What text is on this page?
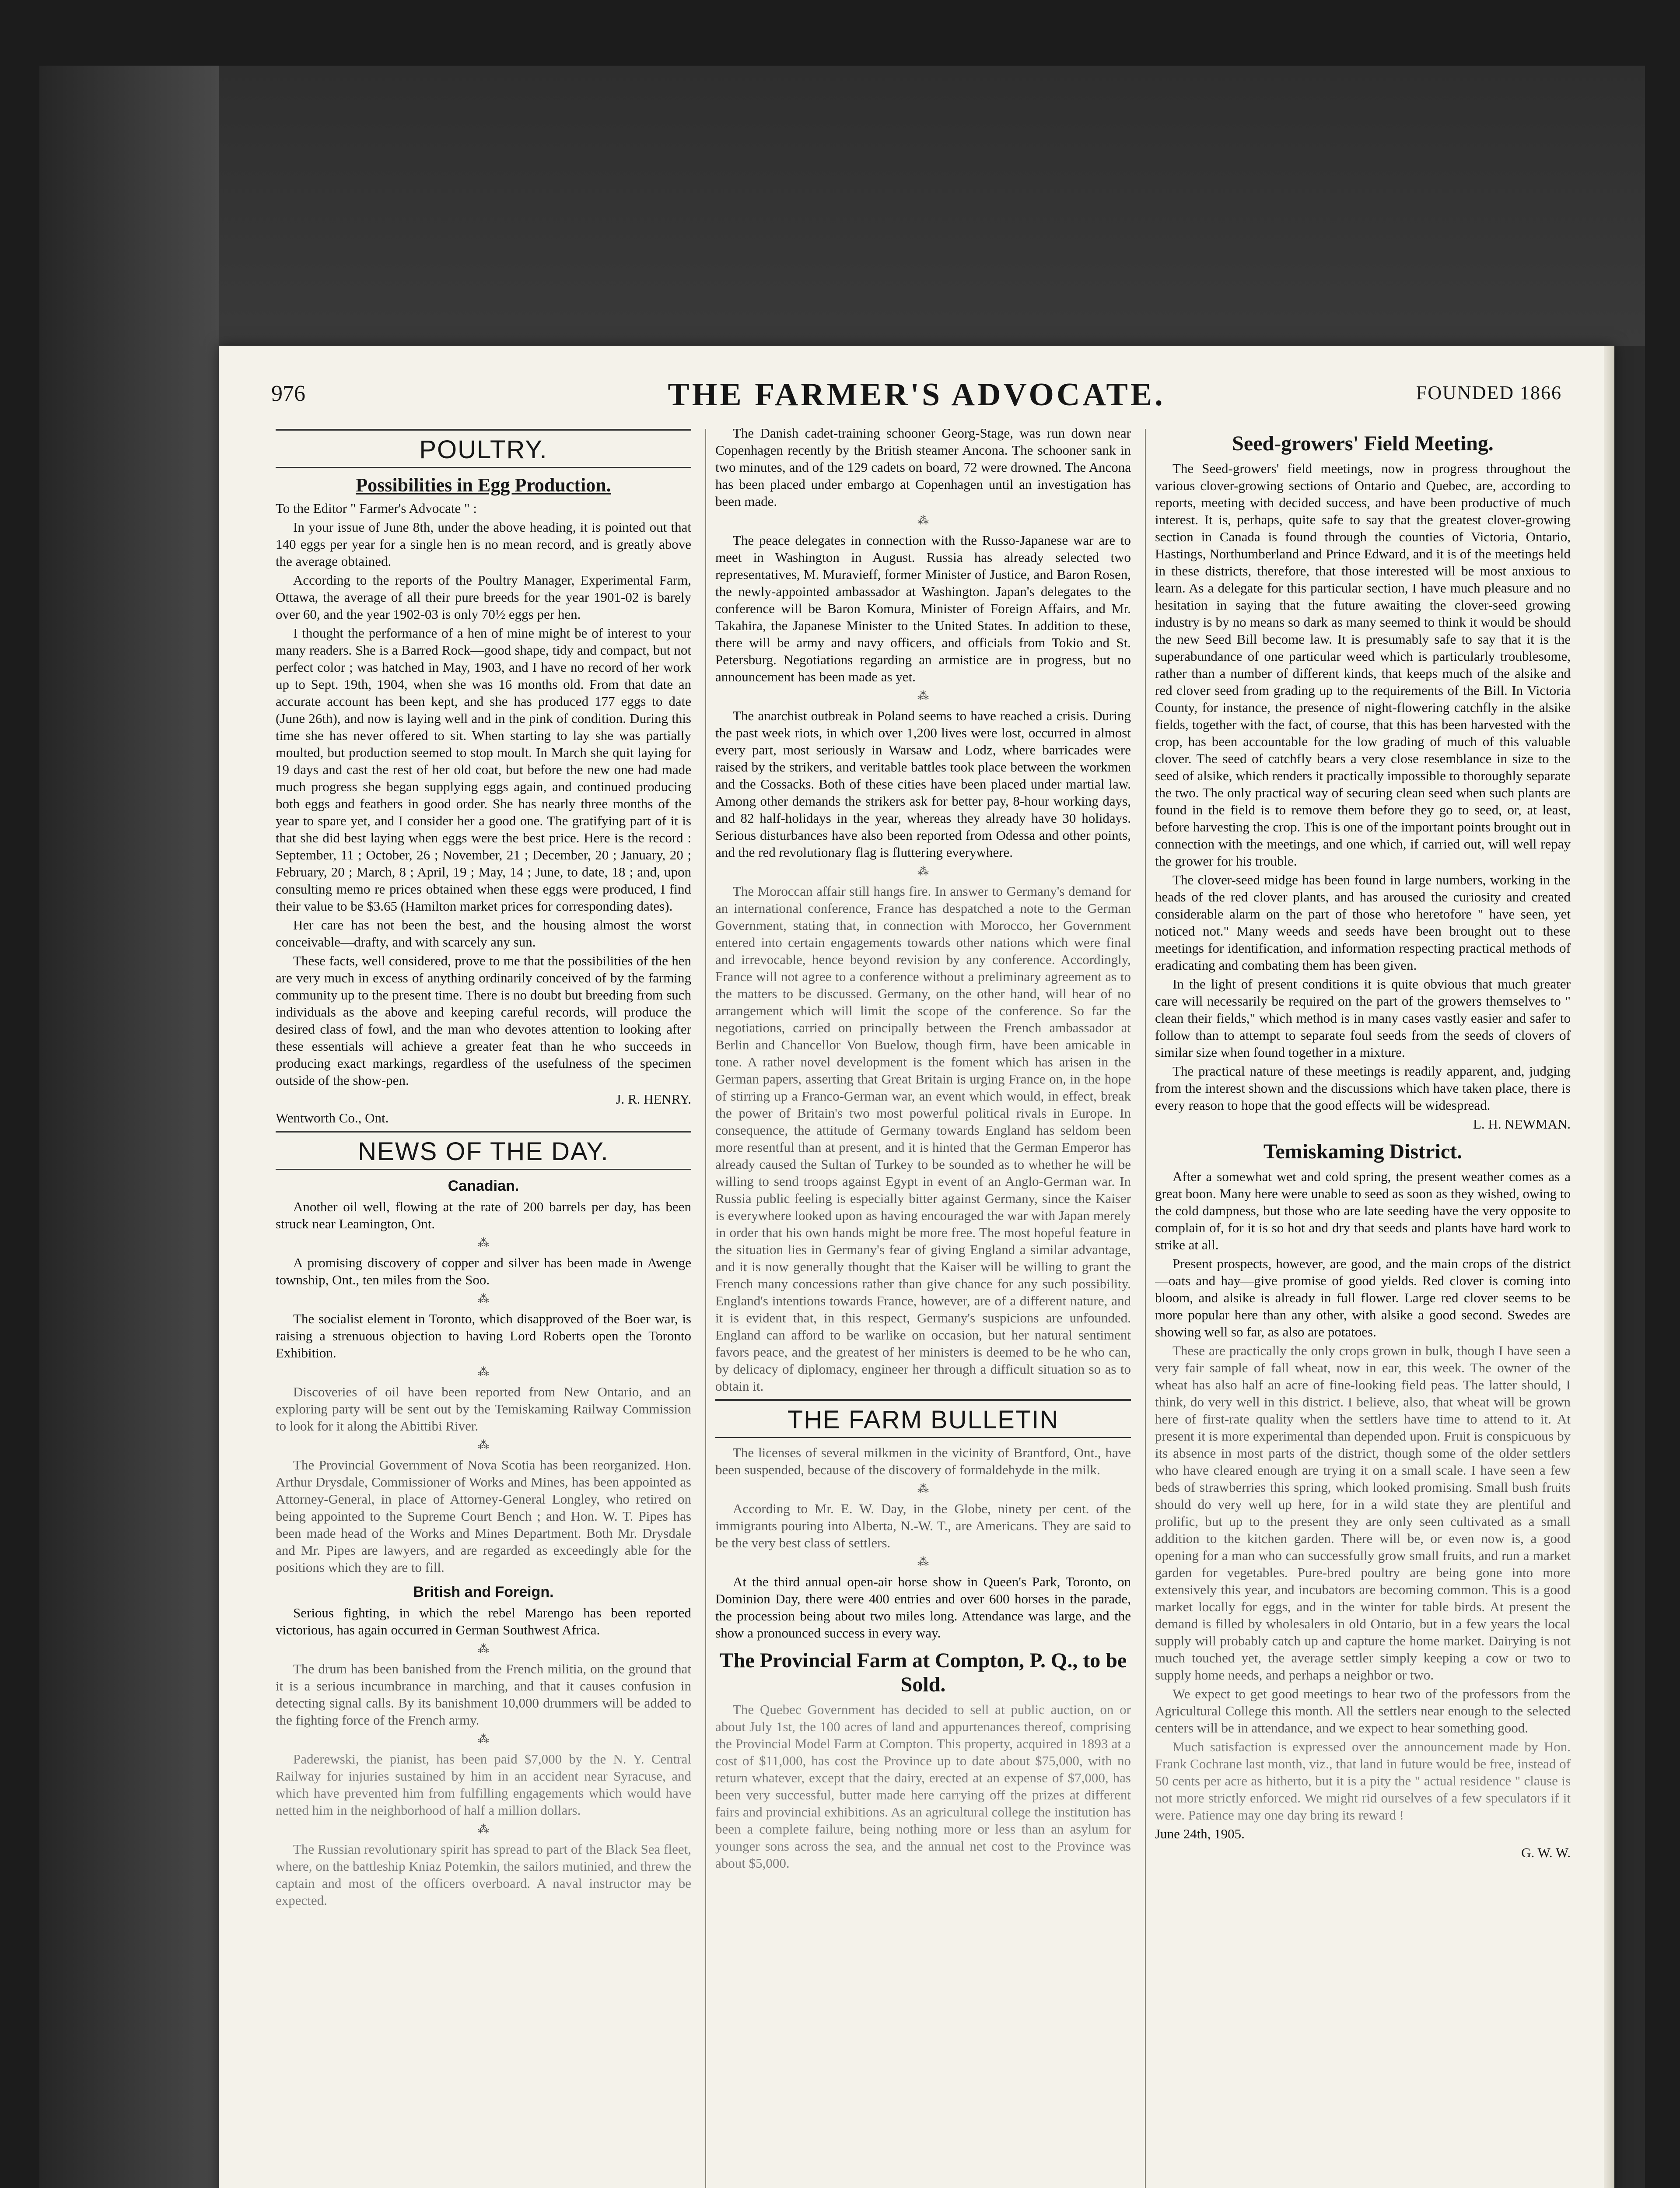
976	THE FARMER'S ADVOCATE.	FOUNDED 1866
POULTRY.
Possibilities in Egg Production.

To the Editor " Farmer's Advocate " :

In your issue of June 8th, under the above heading, it is pointed out that 140 eggs per year for a single hen is no mean record, and is greatly above the average obtained.

According to the reports of the Poultry Manager, Experimental Farm, Ottawa, the average of all their pure breeds for the year 1901-02 is barely over 60, and the year 1902-03 is only 70½ eggs per hen.

I thought the performance of a hen of mine might be of interest to your many readers. She is a Barred Rock—good shape, tidy and compact, but not perfect color ; was hatched in May, 1903, and I have no record of her work up to Sept. 19th, 1904, when she was 16 months old. From that date an accurate account has been kept, and she has produced 177 eggs to date (June 26th), and now is laying well and in the pink of condition. During this time she has never offered to sit. When starting to lay she was partially moulted, but production seemed to stop moult. In March she quit laying for 19 days and cast the rest of her old coat, but before the new one had made much progress she began supplying eggs again, and continued producing both eggs and feathers in good order. She has nearly three months of the year to spare yet, and I consider her a good one. The gratifying part of it is that she did best laying when eggs were the best price. Here is the record : September, 11 ; October, 26 ; November, 21 ; December, 20 ; January, 20 ; February, 20 ; March, 8 ; April, 19 ; May, 14 ; June, to date, 18 ; and, upon consulting memo re prices obtained when these eggs were produced, I find their value to be $3.65 (Hamilton market prices for corresponding dates).

Her care has not been the best, and the housing almost the worst conceivable—drafty, and with scarcely any sun.

These facts, well considered, prove to me that the possibilities of the hen are very much in excess of anything ordinarily conceived of by the farming community up to the present time. There is no doubt but breeding from such individuals as the above and keeping careful records, will produce the desired class of fowl, and the man who devotes attention to looking after these essentials will achieve a greater feat than he who succeeds in producing exact markings, regardless of the usefulness of the specimen outside of the show-pen.

J. R. HENRY.
Wentworth Co., Ont.
NEWS OF THE DAY.
Canadian.

Another oil well, flowing at the rate of 200 barrels per day, has been struck near Leamington, Ont.

⁂

A promising discovery of copper and silver has been made in Awenge township, Ont., ten miles from the Soo.

⁂

The socialist element in Toronto, which disapproved of the Boer war, is raising a strenuous objection to having Lord Roberts open the Toronto Exhibition.

⁂

Discoveries of oil have been reported from New Ontario, and an exploring party will be sent out by the Temiskaming Railway Commission to look for it along the Abittibi River.

⁂

The Provincial Government of Nova Scotia has been reorganized. Hon. Arthur Drysdale, Commissioner of Works and Mines, has been appointed as Attorney-General, in place of Attorney-General Longley, who retired on being appointed to the Supreme Court Bench ; and Hon. W. T. Pipes has been made head of the Works and Mines Department. Both Mr. Drysdale and Mr. Pipes are lawyers, and are regarded as exceedingly able for the positions which they are to fill.

British and Foreign.

Serious fighting, in which the rebel Marengo has been reported victorious, has again occurred in German Southwest Africa.

⁂

The drum has been banished from the French militia, on the ground that it is a serious incumbrance in marching, and that it causes confusion in detecting signal calls. By its banishment 10,000 drummers will be added to the fighting force of the French army.

⁂

Paderewski, the pianist, has been paid $7,000 by the N. Y. Central Railway for injuries sustained by him in an accident near Syracuse, and which have prevented him from fulfilling engagements which would have netted him in the neighborhood of half a million dollars.

⁂

The Russian revolutionary spirit has spread to part of the Black Sea fleet, where, on the battleship Kniaz Potemkin, the sailors mutinied, and threw the captain and most of the officers overboard. A naval instructor may be expected.

The Danish cadet-training schooner Georg-Stage, was run down near Copenhagen recently by the British steamer Ancona. The schooner sank in two minutes, and of the 129 cadets on board, 72 were drowned. The Ancona has been placed under embargo at Copenhagen until an investigation has been made.

⁂

The peace delegates in connection with the Russo-Japanese war are to meet in Washington in August. Russia has already selected two representatives, M. Muravieff, former Minister of Justice, and Baron Rosen, the newly-appointed ambassador at Washington. Japan's delegates to the conference will be Baron Komura, Minister of Foreign Affairs, and Mr. Takahira, the Japanese Minister to the United States. In addition to these, there will be army and navy officers, and officials from Tokio and St. Petersburg. Negotiations regarding an armistice are in progress, but no announcement has been made as yet.

⁂

The anarchist outbreak in Poland seems to have reached a crisis. During the past week riots, in which over 1,200 lives were lost, occurred in almost every part, most seriously in Warsaw and Lodz, where barricades were raised by the strikers, and veritable battles took place between the workmen and the Cossacks. Both of these cities have been placed under martial law. Among other demands the strikers ask for better pay, 8-hour working days, and 82 half-holidays in the year, whereas they already have 30 holidays. Serious disturbances have also been reported from Odessa and other points, and the red revolutionary flag is fluttering everywhere.

⁂

The Moroccan affair still hangs fire. In answer to Germany's demand for an international conference, France has despatched a note to the German Government, stating that, in connection with Morocco, her Government entered into certain engagements towards other nations which were final and irrevocable, hence beyond revision by any conference. Accordingly, France will not agree to a conference without a preliminary agreement as to the matters to be discussed. Germany, on the other hand, will hear of no arrangement which will limit the scope of the conference. So far the negotiations, carried on principally between the French ambassador at Berlin and Chancellor Von Buelow, though firm, have been amicable in tone. A rather novel development is the foment which has arisen in the German papers, asserting that Great Britain is urging France on, in the hope of stirring up a Franco-German war, an event which would, in effect, break the power of Britain's two most powerful political rivals in Europe. In consequence, the attitude of Germany towards England has seldom been more resentful than at present, and it is hinted that the German Emperor has already caused the Sultan of Turkey to be sounded as to whether he will be willing to send troops against Egypt in event of an Anglo-German war. In Russia public feeling is especially bitter against Germany, since the Kaiser is everywhere looked upon as having encouraged the war with Japan merely in order that his own hands might be more free. The most hopeful feature in the situation lies in Germany's fear of giving England a similar advantage, and it is now generally thought that the Kaiser will be willing to grant the French many concessions rather than give chance for any such possibility. England's intentions towards France, however, are of a different nature, and it is evident that, in this respect, Germany's suspicions are unfounded. England can afford to be warlike on occasion, but her natural sentiment favors peace, and the greatest of her ministers is deemed to be he who can, by delicacy of diplomacy, engineer her through a difficult situation so as to obtain it.

THE FARM BULLETIN

The licenses of several milkmen in the vicinity of Brantford, Ont., have been suspended, because of the discovery of formaldehyde in the milk.

⁂

According to Mr. E. W. Day, in the Globe, ninety per cent. of the immigrants pouring into Alberta, N.-W. T., are Americans. They are said to be the very best class of settlers.

⁂

At the third annual open-air horse show in Queen's Park, Toronto, on Dominion Day, there were 400 entries and over 600 horses in the parade, the procession being about two miles long. Attendance was large, and the show a pronounced success in every way.

The Provincial Farm at Compton, P. Q., to be Sold.

The Quebec Government has decided to sell at public auction, on or about July 1st, the 100 acres of land and appurtenances thereof, comprising the Provincial Model Farm at Compton. This property, acquired in 1893 at a cost of $11,000, has cost the Province up to date about $75,000, with no return whatever, except that the dairy, erected at an expense of $7,000, has been very successful, butter made here carrying off the prizes at different fairs and provincial exhibitions. As an agricultural college the institution has been a complete failure, being nothing more or less than an asylum for younger sons across the sea, and the annual net cost to the Province was about $5,000.

Seed-growers' Field Meeting.

The Seed-growers' field meetings, now in progress throughout the various clover-growing sections of Ontario and Quebec, are, according to reports, meeting with decided success, and have been productive of much interest. It is, perhaps, quite safe to say that the greatest clover-growing section in Canada is found through the counties of Victoria, Ontario, Hastings, Northumberland and Prince Edward, and it is of the meetings held in these districts, therefore, that those interested will be most anxious to learn. As a delegate for this particular section, I have much pleasure and no hesitation in saying that the future awaiting the clover-seed growing industry is by no means so dark as many seemed to think it would be should the new Seed Bill become law. It is presumably safe to say that it is the superabundance of one particular weed which is particularly troublesome, rather than a number of different kinds, that keeps much of the alsike and red clover seed from grading up to the requirements of the Bill. In Victoria County, for instance, the presence of night-flowering catchfly in the alsike fields, together with the fact, of course, that this has been harvested with the crop, has been accountable for the low grading of much of this valuable clover. The seed of catchfly bears a very close resemblance in size to the seed of alsike, which renders it practically impossible to thoroughly separate the two. The only practical way of securing clean seed when such plants are found in the field is to remove them before they go to seed, or, at least, before harvesting the crop. This is one of the important points brought out in connection with the meetings, and one which, if carried out, will well repay the grower for his trouble.

The clover-seed midge has been found in large numbers, working in the heads of the red clover plants, and has aroused the curiosity and created considerable alarm on the part of those who heretofore " have seen, yet noticed not." Many weeds and seeds have been brought out to these meetings for identification, and information respecting practical methods of eradicating and combating them has been given.

In the light of present conditions it is quite obvious that much greater care will necessarily be required on the part of the growers themselves to " clean their fields," which method is in many cases vastly easier and safer to follow than to attempt to separate foul seeds from the seeds of clovers of similar size when found together in a mixture.

The practical nature of these meetings is readily apparent, and, judging from the interest shown and the discussions which have taken place, there is every reason to hope that the good effects will be widespread.

L. H. NEWMAN.
Temiskaming District.

After a somewhat wet and cold spring, the present weather comes as a great boon. Many here were unable to seed as soon as they wished, owing to the cold dampness, but those who are late seeding have the very opposite to complain of, for it is so hot and dry that seeds and plants have hard work to strike at all.

Present prospects, however, are good, and the main crops of the district—oats and hay—give promise of good yields. Red clover is coming into bloom, and alsike is already in full flower. Large red clover seems to be more popular here than any other, with alsike a good second. Swedes are showing well so far, as also are potatoes.

These are practically the only crops grown in bulk, though I have seen a very fair sample of fall wheat, now in ear, this week. The owner of the wheat has also half an acre of fine-looking field peas. The latter should, I think, do very well in this district. I believe, also, that wheat will be grown here of first-rate quality when the settlers have time to attend to it. At present it is more experimental than depended upon. Fruit is conspicuous by its absence in most parts of the district, though some of the older settlers who have cleared enough are trying it on a small scale. I have seen a few beds of strawberries this spring, which looked promising. Small bush fruits should do very well up here, for in a wild state they are plentiful and prolific, but up to the present they are only seen cultivated as a small addition to the kitchen garden. There will be, or even now is, a good opening for a man who can successfully grow small fruits, and run a market garden for vegetables. Pure-bred poultry are being gone into more extensively this year, and incubators are becoming common. This is a good market locally for eggs, and in the winter for table birds. At present the demand is filled by wholesalers in old Ontario, but in a few years the local supply will probably catch up and capture the home market. Dairying is not much touched yet, the average settler simply keeping a cow or two to supply home needs, and perhaps a neighbor or two.

We expect to get good meetings to hear two of the professors from the Agricultural College this month. All the settlers near enough to the selected centers will be in attendance, and we expect to hear something good.

Much satisfaction is expressed over the announcement made by Hon. Frank Cochrane last month, viz., that land in future would be free, instead of 50 cents per acre as hitherto, but it is a pity the " actual residence " clause is not more strictly enforced. We might rid ourselves of a few speculators if it were. Patience may one day bring its reward !

June 24th, 1905.
G. W. W.
